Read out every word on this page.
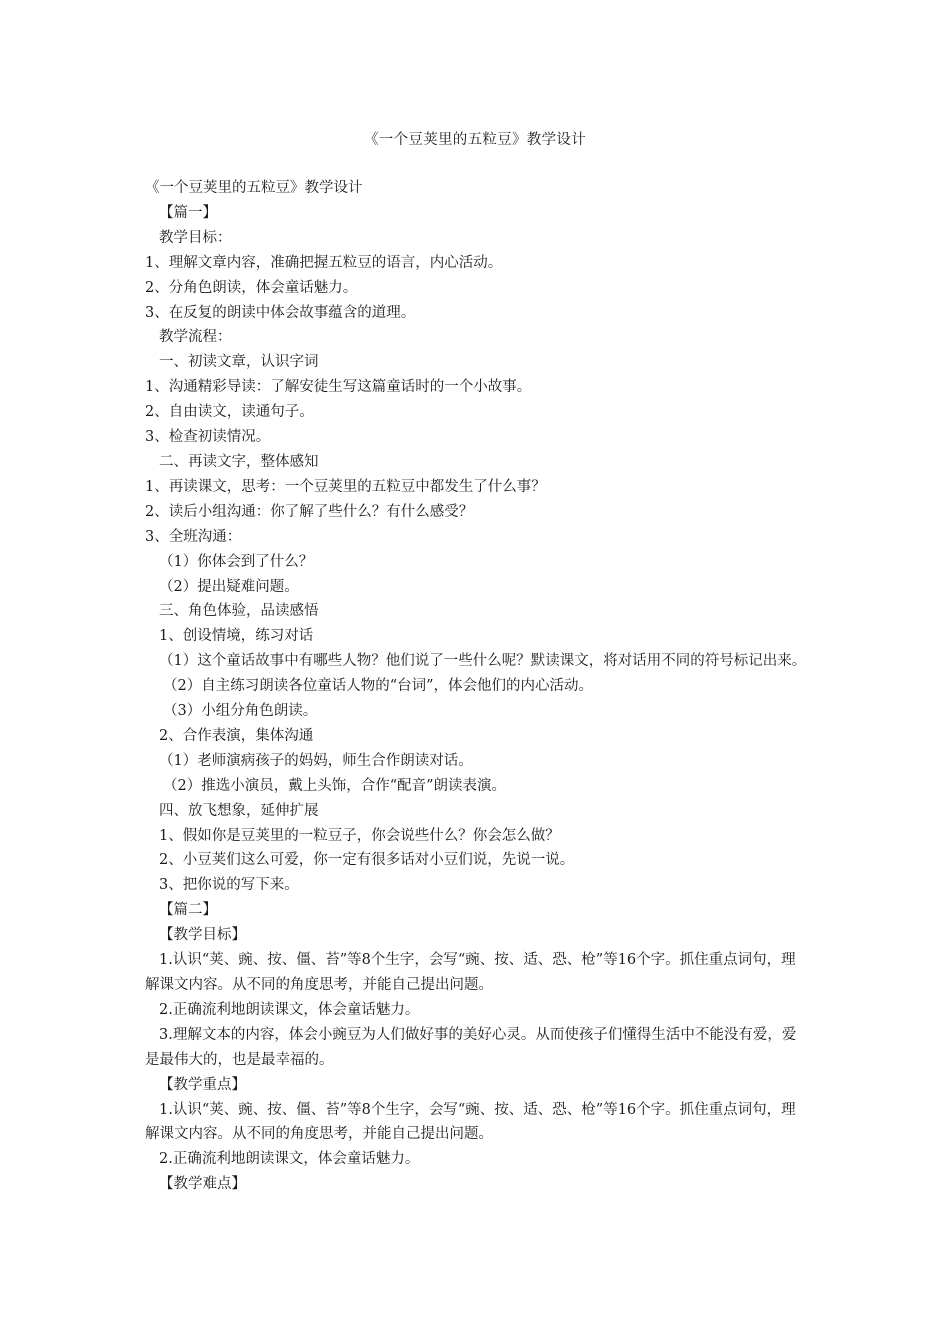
《一个豆荚里的五粒豆》教学设计

《一个豆荚里的五粒豆》教学设计

【篇一】

教学目标：

1、理解文章内容，准确把握五粒豆的语言，内心活动。

2、分角色朗读，体会童话魅力。

3、在反复的朗读中体会故事蕴含的道理。

教学流程：

一、初读文章，认识字词

1、沟通精彩导读：了解安徒生写这篇童话时的一个小故事。

2、自由读文，读通句子。

3、检查初读情况。

二、再读文字，整体感知

1、再读课文，思考：一个豆荚里的五粒豆中都发生了什么事？

2、读后小组沟通：你了解了些什么？有什么感受？

3、全班沟通：

（1）你体会到了什么？

（2）提出疑难问题。

三、角色体验，品读感悟

1、创设情境，练习对话

（1）这个童话故事中有哪些人物？他们说了一些什么呢？默读课文，将对话用不同的符号标记出来。

（2）自主练习朗读各位童话人物的“台词”，体会他们的内心活动。

（3）小组分角色朗读。

2、合作表演，集体沟通

（1）老师演病孩子的妈妈，师生合作朗读对话。

（2）推选小演员，戴上头饰，合作“配音”朗读表演。

四、放飞想象，延伸扩展

1、假如你是豆荚里的一粒豆子，你会说些什么？你会怎么做？

2、小豆荚们这么可爱，你一定有很多话对小豆们说，先说一说。

3、把你说的写下来。

【篇二】

【教学目标】

1.认识“荚、豌、按、僵、苔”等8个生字，会写“豌、按、适、恐、枪”等16个字。抓住重点词句，理解课文内容。从不同的角度思考，并能自己提出问题。

2.正确流利地朗读课文，体会童话魅力。

3.理解文本的内容，体会小豌豆为人们做好事的美好心灵。从而使孩子们懂得生活中不能没有爱，爱是最伟大的，也是最幸福的。

【教学重点】

1.认识“荚、豌、按、僵、苔”等8个生字，会写“豌、按、适、恐、枪”等16个字。抓住重点词句，理解课文内容。从不同的角度思考，并能自己提出问题。

2.正确流利地朗读课文，体会童话魅力。

【教学难点】
